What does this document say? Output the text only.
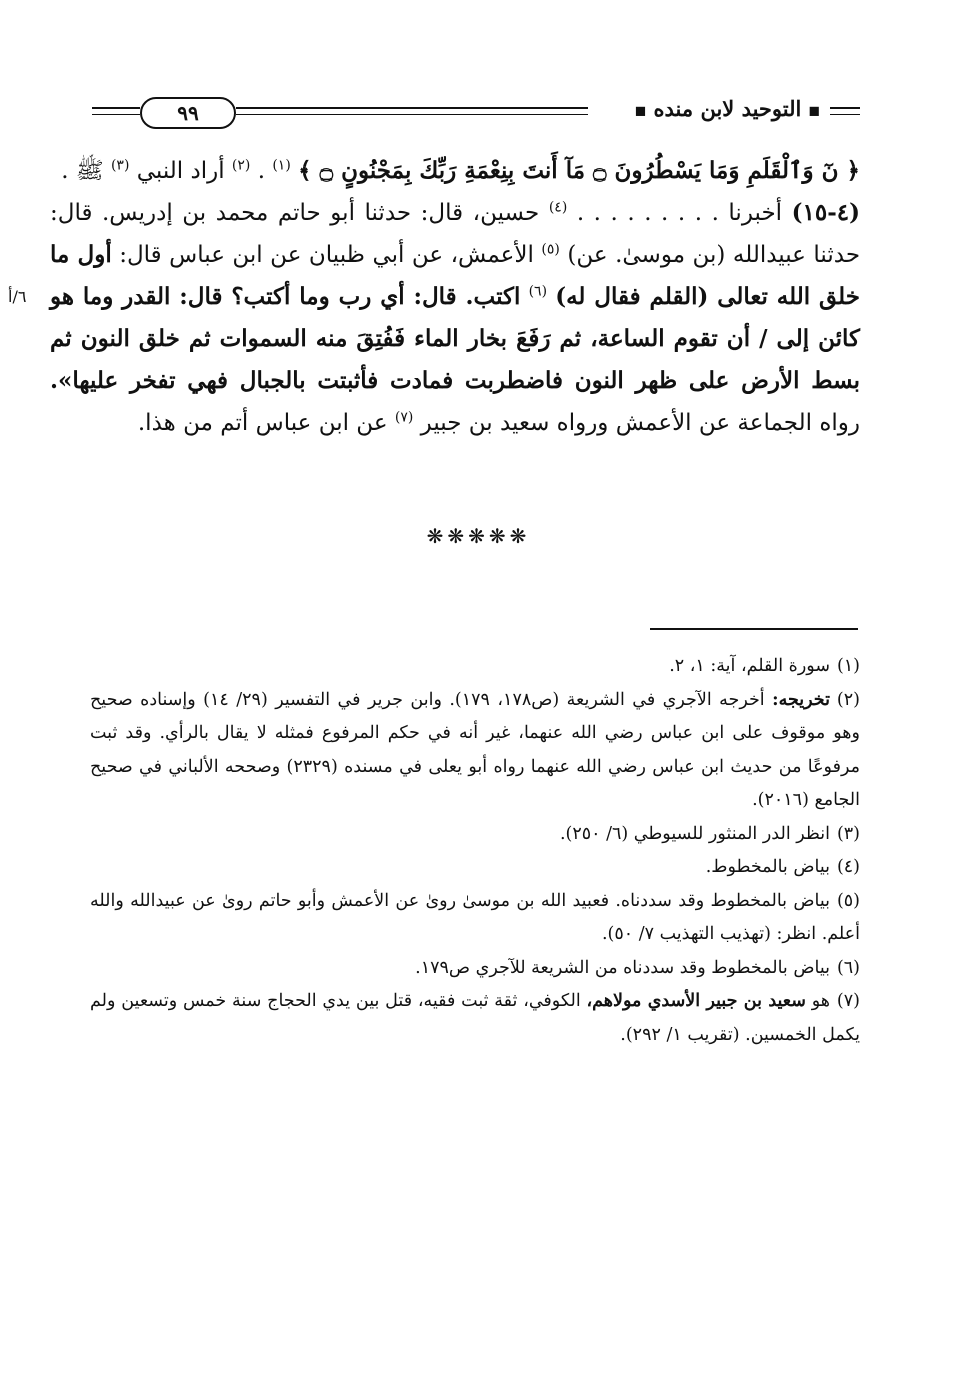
٩٩	■ التوحيد لابن منده ■

﴿ نٓ وَٱلْقَلَمِ وَمَا يَسْطُرُونَ ۝ مَآ أَنتَ بِنِعْمَةِ رَبِّكَ بِمَجْنُونٍ ۝ ﴾ $^{(١)}$ . $^{(٢)}$ أراد النبي $^{(٣)}$ ﷺ .

(٤-١٥) أخبرنا . . . . . . . . . $^{(٤)}$ حسين، قال: حدثنا أبو حاتم محمد بن إدريس. قال: حدثنا عبيدالله (بن موسىٰ. عن) $^{(٥)}$ الأعمش، عن أبي ظبيان عن ابن عباس قال: أول ما خلق الله تعالى (القلم فقال له) $^{(٦)}$
٦/أ اكتب. قال: أي رب وما أكتب؟ قال: القدر وما هو كائن إلى / أن تقوم الساعة، ثم رَفَعَ بخار الماء فَفُتِقَ منه السموات ثم خلق النون ثم بسط الأرض على ظهر النون فاضطربت فمادت فأثبتت بالجبال فهي تفخر عليها». رواه الجماعة عن الأعمش ورواه سعيد بن جبير $^{(٧)}$ عن ابن عباس أتم من هذا.

❋❋❋❋❋

(١)سورة القلم، آية: ١، ٢.

(٢)تخريجه: أخرجه الآجري في الشريعة (ص١٧٨، ١٧٩). وابن جرير في التفسير (٢٩/ ١٤) وإسناده صحيح وهو موقوف على ابن عباس رضي الله عنهما، غير أنه في حكم المرفوع فمثله لا يقال بالرأي. وقد ثبت مرفوعًا من حديث ابن عباس رضي الله عنهما رواه أبو يعلى في مسنده (٢٣٢٩) وصححه الألباني في صحيح الجامع (٢٠١٦).

(٣)انظر الدر المنثور للسيوطي (٦/ ٢٥٠).

(٤)بياض بالمخطوط.

(٥)بياض بالمخطوط وقد سددناه. فعبيد الله بن موسىٰ روىٰ عن الأعمش وأبو حاتم روىٰ عن عبيدالله والله أعلم. انظر: (تهذيب التهذيب ٧/ ٥٠).

(٦)بياض بالمخطوط وقد سددناه من الشريعة للآجري ص١٧٩.

(٧)هو سعيد بن جبير الأسدي مولاهم، الكوفي، ثقة ثبت فقيه، قتل بين يدي الحجاج سنة خمس وتسعين ولم يكمل الخمسين. (تقريب ١/ ٢٩٢).
